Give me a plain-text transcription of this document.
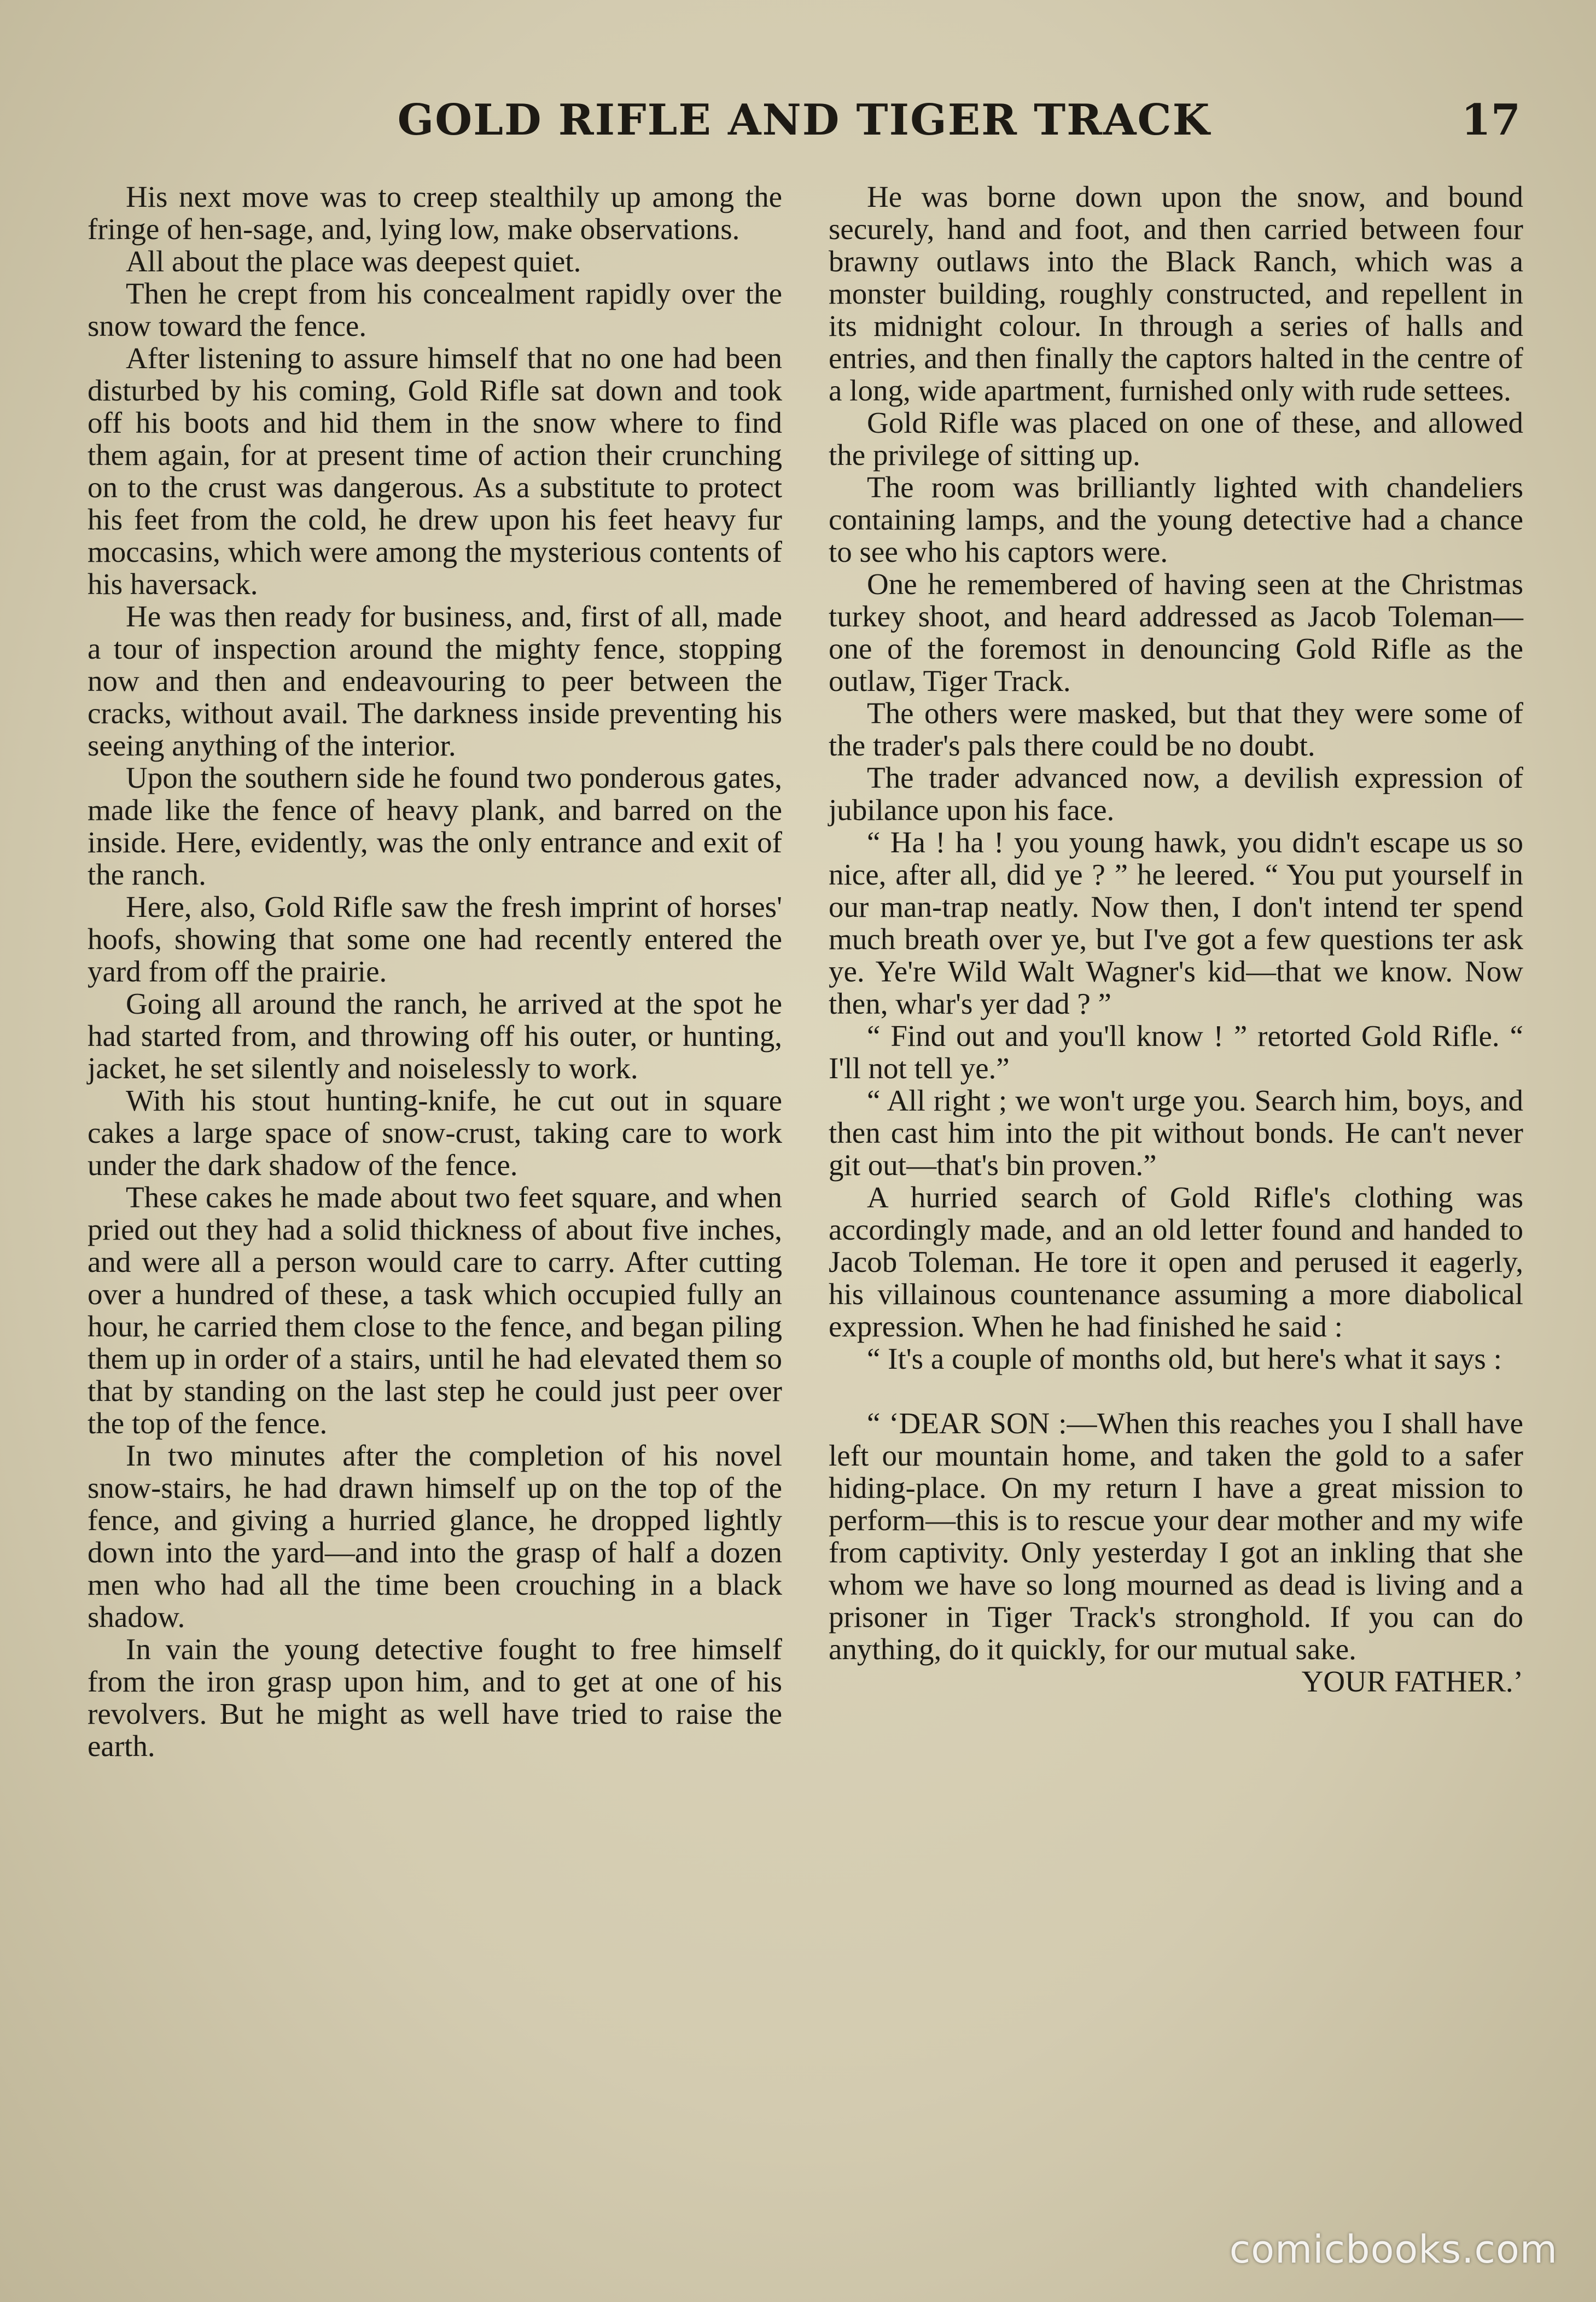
GOLD RIFLE AND TIGER TRACK	17

His next move was to creep stealthily up among the fringe of hen-sage, and, lying low, make observations.

All about the place was deepest quiet.

Then he crept from his concealment rapidly over the snow toward the fence.

After listening to assure himself that no one had been disturbed by his coming, Gold Rifle sat down and took off his boots and hid them in the snow where to find them again, for at present time of action their crunching on to the crust was dangerous. As a substitute to protect his feet from the cold, he drew upon his feet heavy fur moccasins, which were among the mysterious contents of his haversack.

He was then ready for business, and, first of all, made a tour of inspection around the mighty fence, stopping now and then and endeavouring to peer between the cracks, without avail. The darkness inside preventing his seeing anything of the interior.

Upon the southern side he found two ponderous gates, made like the fence of heavy plank, and barred on the inside. Here, evidently, was the only entrance and exit of the ranch.

Here, also, Gold Rifle saw the fresh imprint of horses' hoofs, showing that some one had recently entered the yard from off the prairie.

Going all around the ranch, he arrived at the spot he had started from, and throwing off his outer, or hunting, jacket, he set silently and noiselessly to work.

With his stout hunting-knife, he cut out in square cakes a large space of snow-crust, taking care to work under the dark shadow of the fence.

These cakes he made about two feet square, and when pried out they had a solid thickness of about five inches, and were all a person would care to carry. After cutting over a hundred of these, a task which occupied fully an hour, he carried them close to the fence, and began piling them up in order of a stairs, until he had elevated them so that by standing on the last step he could just peer over the top of the fence.

In two minutes after the completion of his novel snow-stairs, he had drawn himself up on the top of the fence, and giving a hurried glance, he dropped lightly down into the yard—and into the grasp of half a dozen men who had all the time been crouching in a black shadow.

In vain the young detective fought to free himself from the iron grasp upon him, and to get at one of his revolvers. But he might as well have tried to raise the earth.

He was borne down upon the snow, and bound securely, hand and foot, and then carried between four brawny outlaws into the Black Ranch, which was a monster building, roughly constructed, and repellent in its midnight colour. In through a series of halls and entries, and then finally the captors halted in the centre of a long, wide apartment, furnished only with rude settees.

Gold Rifle was placed on one of these, and allowed the privilege of sitting up.

The room was brilliantly lighted with chandeliers containing lamps, and the young detective had a chance to see who his captors were.

One he remembered of having seen at the Christmas turkey shoot, and heard addressed as Jacob Toleman—one of the foremost in denouncing Gold Rifle as the outlaw, Tiger Track.

The others were masked, but that they were some of the trader's pals there could be no doubt.

The trader advanced now, a devilish expression of jubilance upon his face.

“ Ha ! ha ! you young hawk, you didn't escape us so nice, after all, did ye ? ” he leered. “ You put yourself in our man-trap neatly. Now then, I don't intend ter spend much breath over ye, but I've got a few questions ter ask ye. Ye're Wild Walt Wagner's kid—that we know. Now then, whar's yer dad ? ”

“ Find out and you'll know ! ” retorted Gold Rifle. “ I'll not tell ye.”

“ All right ; we won't urge you. Search him, boys, and then cast him into the pit without bonds. He can't never git out—that's bin proven.”

A hurried search of Gold Rifle's clothing was accordingly made, and an old letter found and handed to Jacob Toleman. He tore it open and perused it eagerly, his villainous countenance assuming a more diabolical expression. When he had finished he said :

“ It's a couple of months old, but here's what it says :

“ ‘DEAR SON :—When this reaches you I shall have left our mountain home, and taken the gold to a safer hiding-place. On my return I have a great mission to perform—this is to rescue your dear mother and my wife from captivity. Only yesterday I got an inkling that she whom we have so long mourned as dead is living and a prisoner in Tiger Track's stronghold. If you can do anything, do it quickly, for our mutual sake.

YOUR FATHER.’

comicbooks.com
